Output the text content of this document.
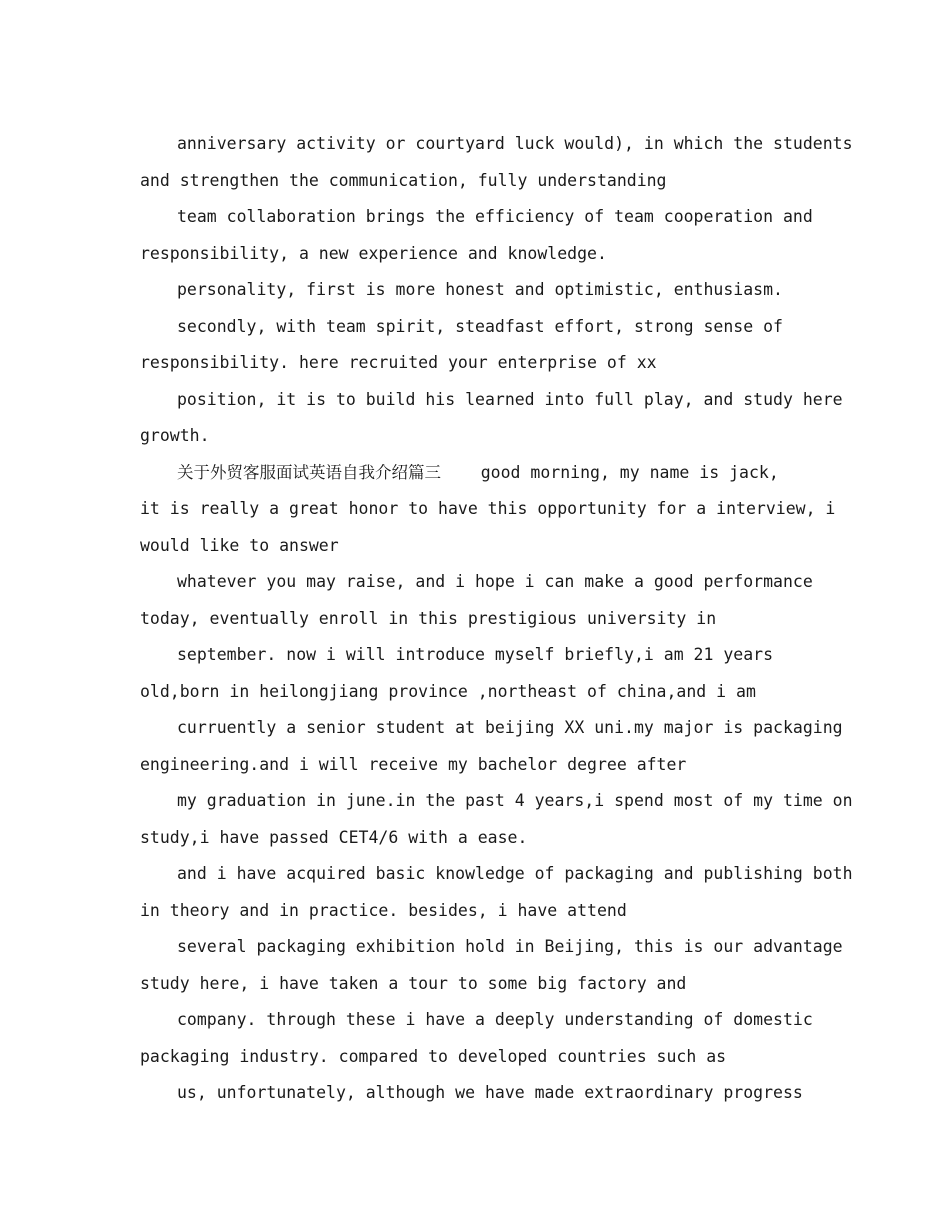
anniversary activity or courtyard luck would), in which the students
and strengthen the communication, fully understanding
team collaboration brings the efficiency of team cooperation and
responsibility, a new experience and knowledge.
personality, first is more honest and optimistic, enthusiasm.
secondly, with team spirit, steadfast effort, strong sense of
responsibility. here recruited your enterprise of xx
position, it is to build his learned into full play, and study here
growth.
关于外贸客服面试英语自我介绍篇三    good morning, my name is jack,
it is really a great honor to have this opportunity for a interview, i
would like to answer
whatever you may raise, and i hope i can make a good performance
today, eventually enroll in this prestigious university in
september. now i will introduce myself briefly,i am 21 years
old,born in heilongjiang province ,northeast of china,and i am
curruently a senior student at beijing XX uni.my major is packaging
engineering.and i will receive my bachelor degree after
my graduation in june.in the past 4 years,i spend most of my time on
study,i have passed CET4/6 with a ease.
and i have acquired basic knowledge of packaging and publishing both
in theory and in practice. besides, i have attend
several packaging exhibition hold in Beijing, this is our advantage
study here, i have taken a tour to some big factory and
company. through these i have a deeply understanding of domestic
packaging industry. compared to developed countries such as
us, unfortunately, although we have made extraordinary progress
